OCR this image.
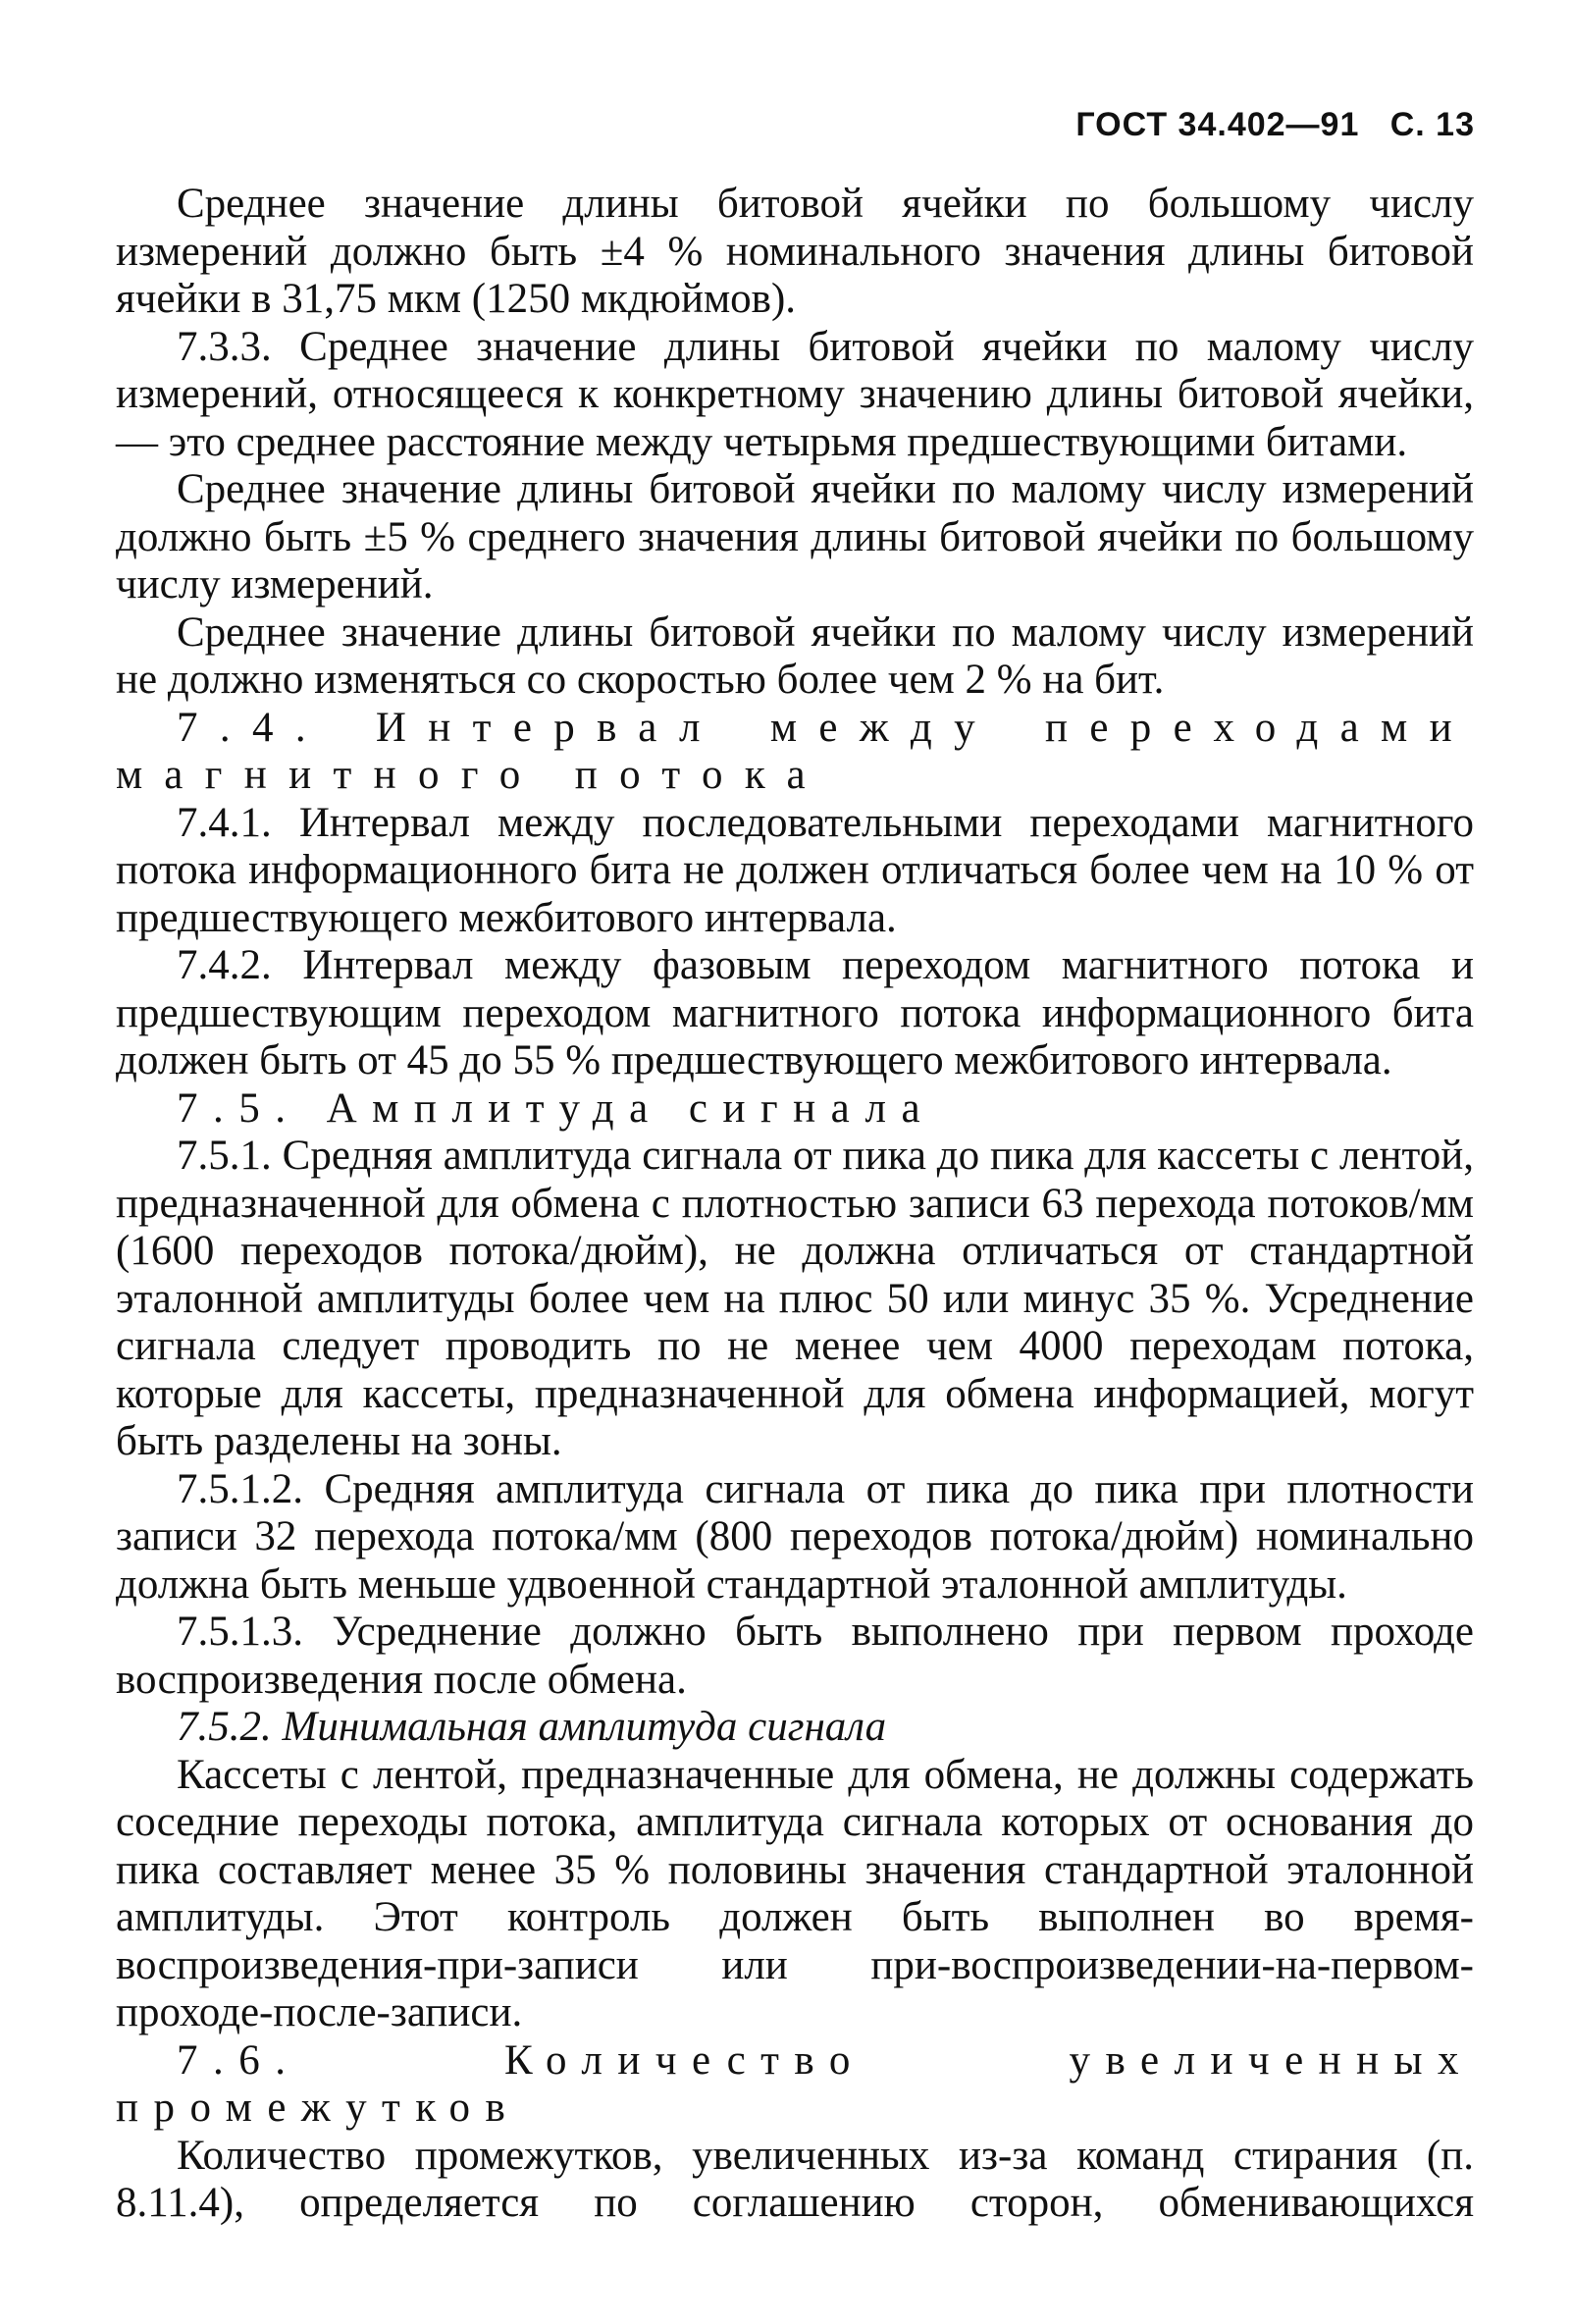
ГОСТ 34.402—91 С. 13

Среднее значение длины битовой ячейки по большому числу измерений должно быть ±4 % номинального значения длины битовой ячейки в 31,75 мкм (1250 мкдюймов).

7.3.3. Среднее значение длины битовой ячейки по малому числу измерений, относящееся к конкретному значению длины битовой ячейки, — это среднее расстояние между четырьмя предшествующими битами.

Среднее значение длины битовой ячейки по малому числу измерений должно быть ±5 % среднего значения длины битовой ячейки по большому числу измерений.

Среднее значение длины битовой ячейки по малому числу измерений не должно изменяться со скоростью более чем 2 % на бит.

7.4. Интервал между переходами магнитного потока

7.4.1. Интервал между последовательными переходами магнитного потока информационного бита не должен отличаться более чем на 10 % от предшествующего межбитового интервала.

7.4.2. Интервал между фазовым переходом магнитного потока и предшествующим переходом магнитного потока информационного бита должен быть от 45 до 55 % предшествующего межбитового интервала.

7.5. Амплитуда сигнала

7.5.1. Средняя амплитуда сигнала от пика до пика для кассеты с лентой, предназначенной для обмена с плотностью записи 63 перехода потоков/мм (1600 переходов потока/дюйм), не должна отличаться от стандартной эталонной амплитуды более чем на плюс 50 или минус 35 %. Усреднение сигнала следует проводить по не менее чем 4000 переходам потока, которые для кассеты, предназначенной для обмена информацией, могут быть разделены на зоны.

7.5.1.2. Средняя амплитуда сигнала от пика до пика при плотности записи 32 перехода потока/мм (800 переходов потока/дюйм) номинально должна быть меньше удвоенной стандартной эталонной амплитуды.

7.5.1.3. Усреднение должно быть выполнено при первом проходе воспроизведения после обмена.

7.5.2. Минимальная амплитуда сигнала

Кассеты с лентой, предназначенные для обмена, не должны содержать соседние переходы потока, амплитуда сигнала которых от основания до пика составляет менее 35 % половины значения стандартной эталонной амплитуды. Этот контроль должен быть выполнен во время-воспроизведения-при-записи или при-воспроизведении-на-первом-проходе-после-записи.

7.6. Количество увеличенных промежутков

Количество промежутков, увеличенных из-за команд стирания (п. 8.11.4), определяется по соглашению сторон, обменивающихся
